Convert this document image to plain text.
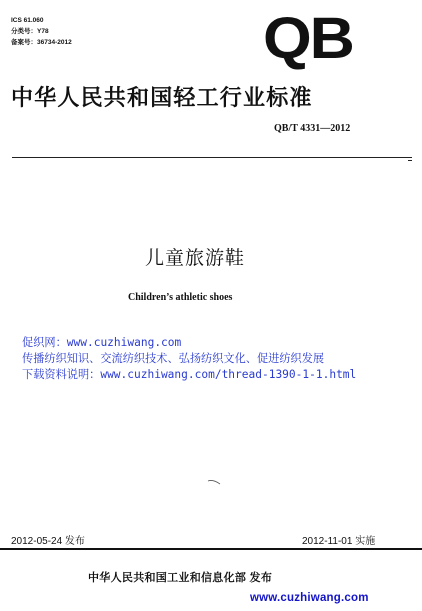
ICS 61.060
分类号：Y78
备案号：36734-2012	QB
中华人民共和国轻工行业标准
QB/T 4331—2012
儿童旅游鞋
Children’s athletic shoes
促织网：www.cuzhiwang.com
传播纺织知识、交流纺织技术、弘扬纺织文化、促进纺织发展
下载资料说明：www.cuzhiwang.com/thread-1390-1-1.html
2012-05-24 发布	2012-11-01 实施
中华人民共和国工业和信息化部 发布
www.cuzhiwang.com
